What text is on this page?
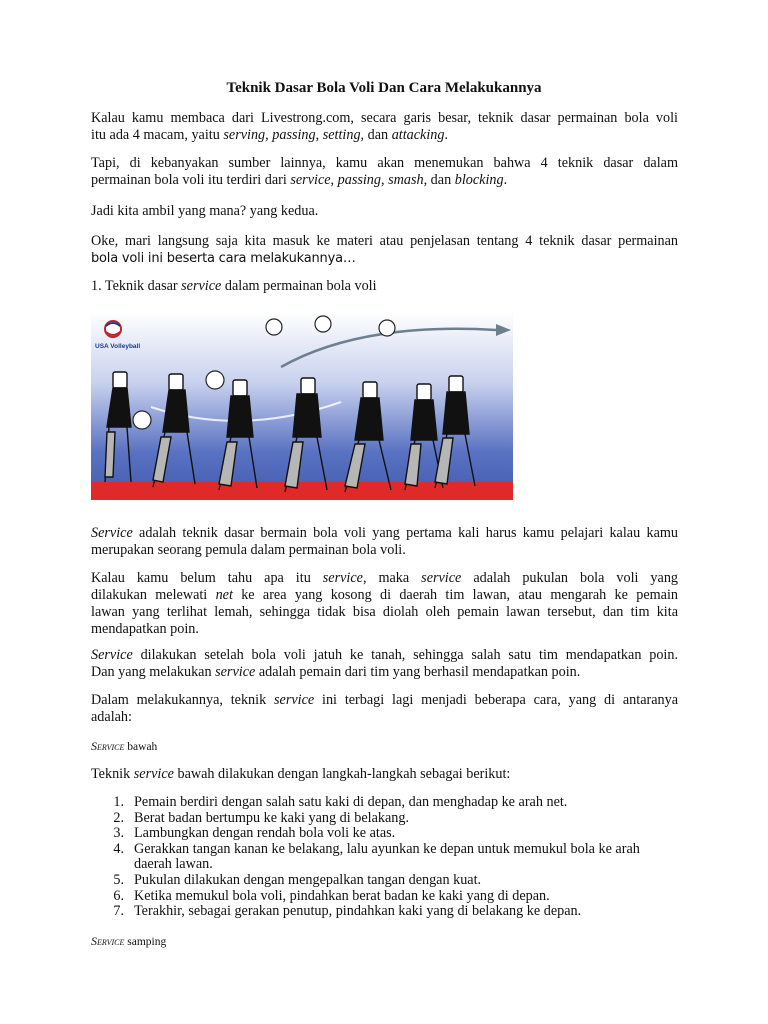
Teknik Dasar Bola Voli Dan Cara Melakukannya
Kalau kamu membaca dari Livestrong.com, secara garis besar, teknik dasar permainan bola voli
itu ada 4 macam, yaitu serving, passing, setting, dan attacking.
Tapi, di kebanyakan sumber lainnya, kamu akan menemukan bahwa 4 teknik dasar dalam
permainan bola voli itu terdiri dari service, passing, smash, dan blocking.
Jadi kita ambil yang mana? yang kedua.
Oke, mari langsung saja kita masuk ke materi atau penjelasan tentang 4 teknik dasar permainan
bola voli ini beserta cara melakukannya…
1. Teknik dasar service dalam permainan bola voli
USA Volleyball
Service adalah teknik dasar bermain bola voli yang pertama kali harus kamu pelajari kalau kamu
merupakan seorang pemula dalam permainan bola voli.
Kalau kamu belum tahu apa itu service, maka service adalah pukulan bola voli yang
dilakukan melewati net ke area yang kosong di daerah tim lawan, atau mengarah ke pemain
lawan yang terlihat lemah, sehingga tidak bisa diolah oleh pemain lawan tersebut, dan tim kita
mendapatkan poin.
Service dilakukan setelah bola voli jatuh ke tanah, sehingga salah satu tim mendapatkan poin.
Dan yang melakukan service adalah pemain dari tim yang berhasil mendapatkan poin.
Dalam melakukannya, teknik service ini terbagi lagi menjadi beberapa cara, yang di antaranya
adalah:
Service bawah
Teknik service bawah dilakukan dengan langkah-langkah sebagai berikut:
1. Pemain berdiri dengan salah satu kaki di depan, dan menghadap ke arah net.
2. Berat badan bertumpu ke kaki yang di belakang.
3. Lambungkan dengan rendah bola voli ke atas.
4. Gerakkan tangan kanan ke belakang, lalu ayunkan ke depan untuk memukul bola ke arah
daerah lawan.
5. Pukulan dilakukan dengan mengepalkan tangan dengan kuat.
6. Ketika memukul bola voli, pindahkan berat badan ke kaki yang di depan.
7. Terakhir, sebagai gerakan penutup, pindahkan kaki yang di belakang ke depan.
Service samping
